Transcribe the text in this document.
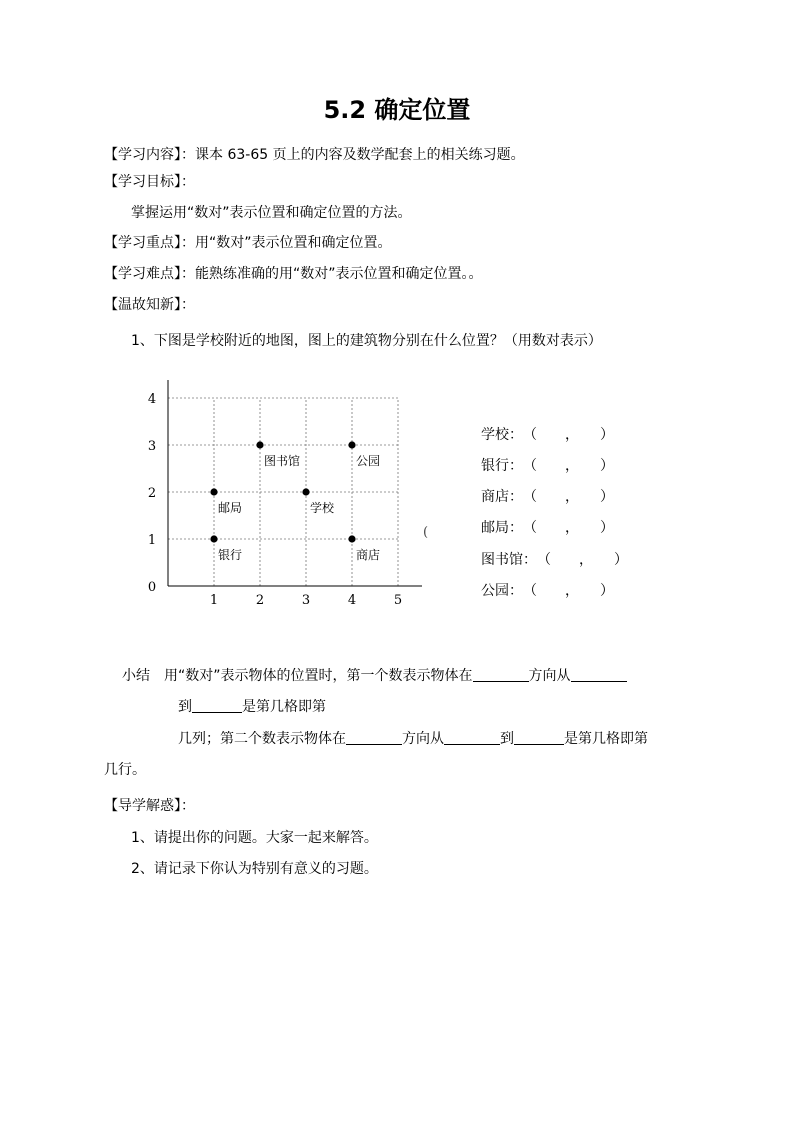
5.2 确定位置
【学习内容】：课本 63-65 页上的内容及数学配套上的相关练习题。
【学习目标】：
掌握运用“数对”表示位置和确定位置的方法。
【学习重点】：用“数对”表示位置和确定位置。
【学习难点】：能熟练准确的用“数对”表示位置和确定位置。。
【温故知新】：
1、下图是学校附近的地图，图上的建筑物分别在什么位置？（用数对表示）
1	2	3	4	5
0
1
2
3
4
图书馆	公园
邮局	学校
银行	商店
(
学校：（　　，　　）
银行：（　　，　　）
商店：（　　，　　）
邮局：（　　，　　）
图书馆：（　　，　　）
公园：（　　，　　）
小结　用“数对”表示物体的位置时，第一个数表示物体在	方向从
到	是第几格即第
几列；第二个数表示物体在	方向从	到	是第几格即第
几行。
【导学解惑】：
1、请提出你的问题。大家一起来解答。
2、请记录下你认为特别有意义的习题。
